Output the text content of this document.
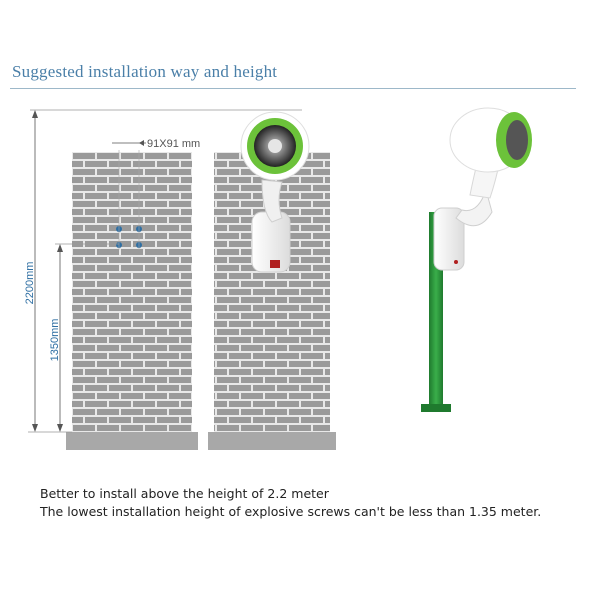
Suggested installation way and height
91X91 mm
2200mm
1350mm
Better to install above the height of 2.2 meter
The lowest installation height of explosive screws can't be less than 1.35 meter.
